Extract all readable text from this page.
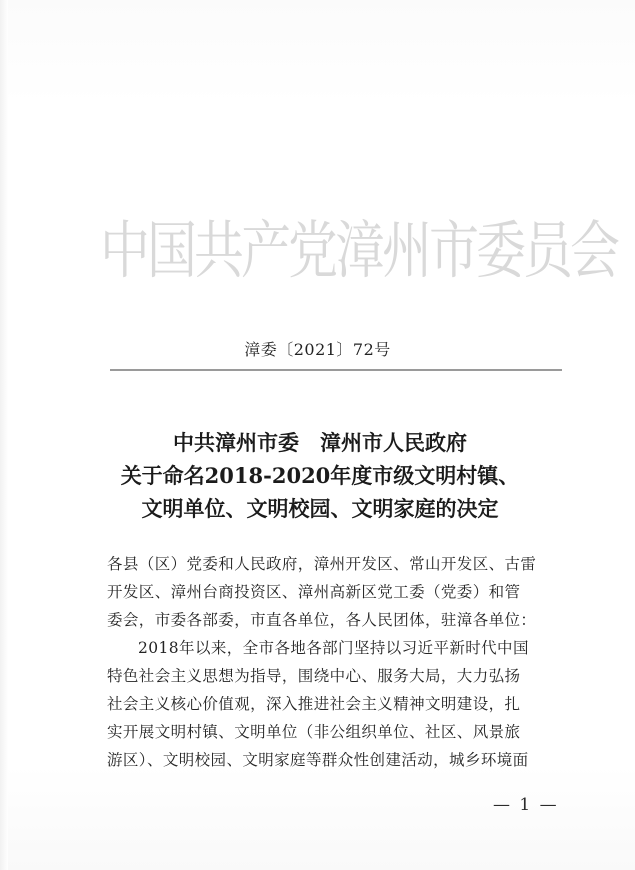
中国共产党漳州市委员会
漳委〔2021〕72号
中共漳州市委　漳州市人民政府
关于命名2018-2020年度市级文明村镇、
文明单位、文明校园、文明家庭的决定
各县（区）党委和人民政府，漳州开发区、常山开发区、古雷
开发区、漳州台商投资区、漳州高新区党工委（党委）和管
委会，市委各部委，市直各单位，各人民团体，驻漳各单位：
2018年以来，全市各地各部门坚持以习近平新时代中国
特色社会主义思想为指导，围绕中心、服务大局，大力弘扬
社会主义核心价值观，深入推进社会主义精神文明建设，扎
实开展文明村镇、文明单位（非公组织单位、社区、风景旅
游区）、文明校园、文明家庭等群众性创建活动，城乡环境面
— 1 —
